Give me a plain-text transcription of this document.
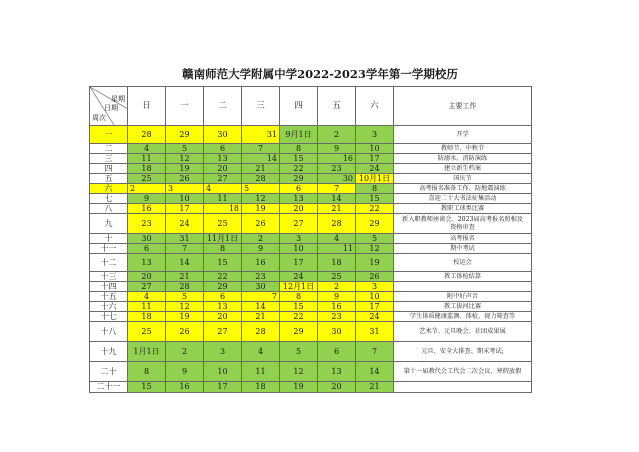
赣南师范大学附属中学2022-2023学年第一学期校历
星期
日期
周次	日	一	二	三	四	五	六	主要工作
一	28	29	30	31	9月1日	2	3	开学

二	4	5	6	7	8	9	10	教师节、中秋节

三	11	12	13	14	15	16	17	防溺水、消防演练

四	18	19	20	21	22	23	24	建立新生档案

五	25	26	27	28	29	30	10月1日	国庆节

六	2	3	4	5	6	7	8	高考报名准备工作、防地震演练

七	9	10	11	12	13	14	15	喜迎二十大书法征集活动

八	16	17	18	19	20	21	22	教职工球类比赛

九	23	24	25	26	27	28	29	新入职教师座谈会、2023届高考报名照相及资格审查

十	30	31	11月1日	2	3	4	5	高考报名

十一	6	7	8	9	10	11	12	期中考试

十二	13	14	15	16	17	18	19	校运会

十三	20	21	22	23	24	25	26	教工体检结算

十四	27	28	29	30	12月1日	2	3	

十五	4	5	6	7	8	9	10	附中好声音

十六	11	12	13	14	15	16	17	教工拔河比赛

十七	18	19	20	21	22	23	24	学生体质健康监测、体检、视力筛查等

十八	25	26	27	28	29	30	31	艺术节、元旦晚会、社团成果展

十九	1月1日	2	3	4	5	6	7	元旦、安全大排查、期末考试;

二十	8	9	10	11	12	13	14	第十一届教代会工代会二次会议、寒假放假

二十一	15	16	17	18	19	20	21	
